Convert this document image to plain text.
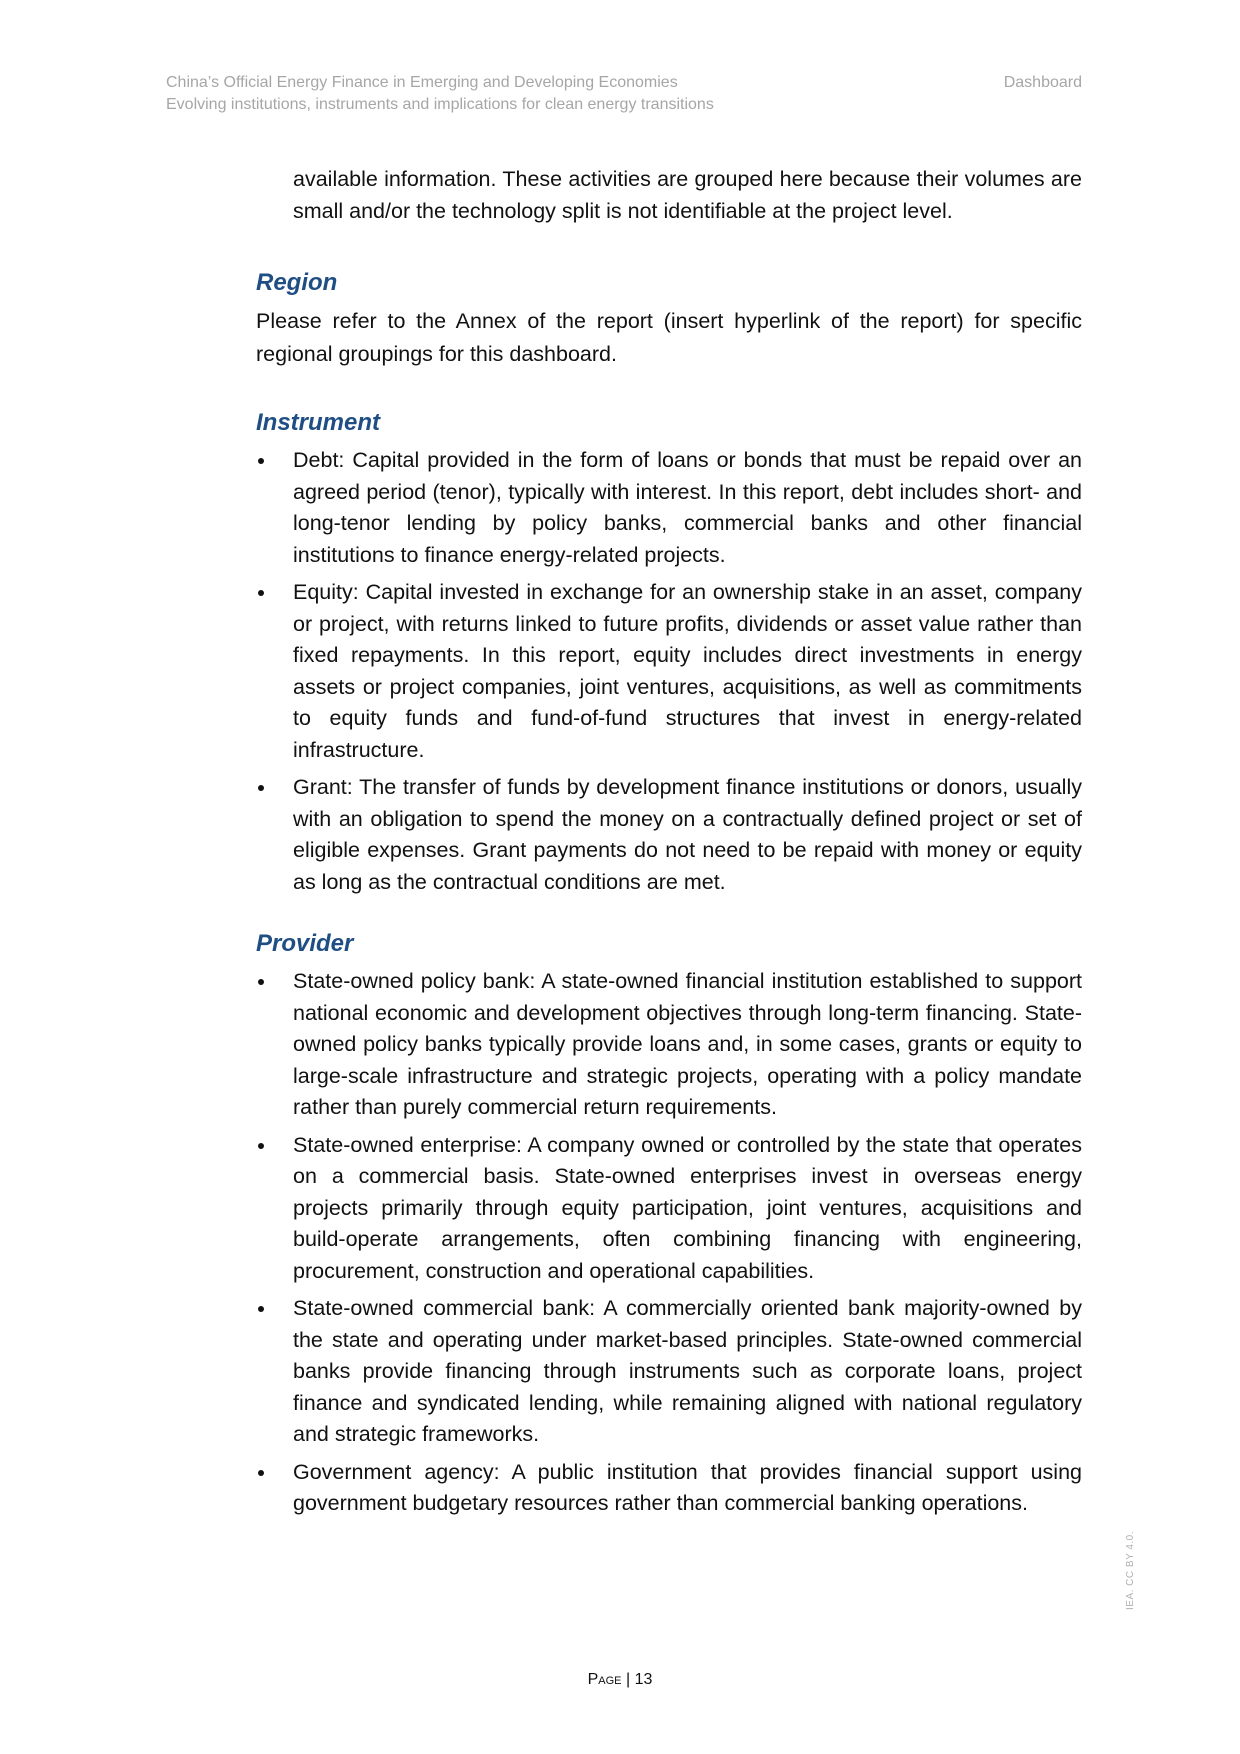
China’s Official Energy Finance in Emerging and Developing Economies
Evolving institutions, instruments and implications for clean energy transitions
Dashboard

available information. These activities are grouped here because their volumes are small and/or the technology split is not identifiable at the project level.

Region

Please refer to the Annex of the report (insert hyperlink of the report) for specific regional groupings for this dashboard.

Instrument
Debt: Capital provided in the form of loans or bonds that must be repaid over an agreed period (tenor), typically with interest. In this report, debt includes short- and long-tenor lending by policy banks, commercial banks and other financial institutions to finance energy-related projects.
Equity: Capital invested in exchange for an ownership stake in an asset, company or project, with returns linked to future profits, dividends or asset value rather than fixed repayments. In this report, equity includes direct investments in energy assets or project companies, joint ventures, acquisitions, as well as commitments to equity funds and fund-of-fund structures that invest in energy-related infrastructure.
Grant: The transfer of funds by development finance institutions or donors, usually with an obligation to spend the money on a contractually defined project or set of eligible expenses. Grant payments do not need to be repaid with money or equity as long as the contractual conditions are met.
Provider
State-owned policy bank: A state-owned financial institution established to support national economic and development objectives through long-term financing. State-owned policy banks typically provide loans and, in some cases, grants or equity to large-scale infrastructure and strategic projects, operating with a policy mandate rather than purely commercial return requirements.
State-owned enterprise: A company owned or controlled by the state that operates on a commercial basis. State-owned enterprises invest in overseas energy projects primarily through equity participation, joint ventures, acquisitions and build-operate arrangements, often combining financing with engineering, procurement, construction and operational capabilities.
State-owned commercial bank: A commercially oriented bank majority-owned by the state and operating under market-based principles. State-owned commercial banks provide financing through instruments such as corporate loans, project finance and syndicated lending, while remaining aligned with national regulatory and strategic frameworks.
Government agency: A public institution that provides financial support using government budgetary resources rather than commercial banking operations.
Page | 13
IEA. CC BY 4.0.
